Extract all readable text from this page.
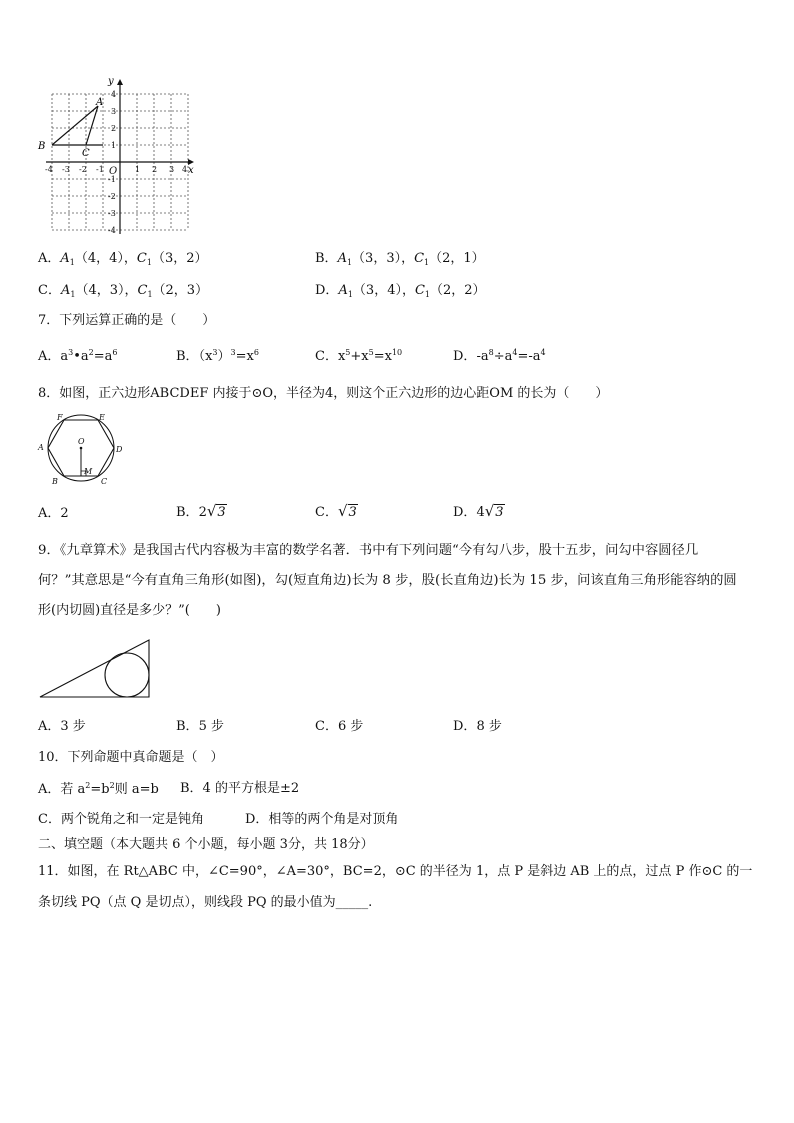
A
B
C
x
y
-4 -3 -2 -1 O 1 2 3 4
4
3
2
1
-1
-2
-3
-4
A．$A_1(4$，4），$C_1(3$，2）	B．$A_1(3$，3），$C_1(2$，1）
C．$A_1(4$，3），$C_1(2$，3）	D．$A_1(3$，4），$C_1(2$，2）
7．下列运算正确的是（　　）
A．$a^3•a^2=a^6$	B．$(x^3)^3=x^6$	C．$x^5+x^5=x^{10}$	D．$-a^8\div a^4=-a^4$
8．如图，正六边形ABCDEF 内接于⊙O，半径为4，则这个正六边形的边心距OM 的长为（　　）
F	E
A	D
B	C
O
M
A．2	B．2√3	C．√3	D．4√3
9．《九章算术》是我国古代内容极为丰富的数学名著．书中有下列问题“今有勾八步，股十五步，问勾中容圆径几
何？”其意思是“今有直角三角形(如图)，勾(短直角边)长为 8 步，股(长直角边)长为 15 步，问该直角三角形能容纳的圆
形(内切圆)直径是多少？”(　　)
A．3 步	B．5 步	C．6 步	D．8 步
10．下列命题中真命题是（　）
A．若 $a^2=b^2$则 a=b B．4 的平方根是±2
C．两个锐角之和一定是钝角	D．相等的两个角是对顶角
二、填空题（本大题共 6 个小题，每小题 3分，共 18分）
11．如图，在 Rt△ABC 中，∠C=90°，∠A=30°，BC=2，⊙C 的半径为 1，点 P 是斜边 AB 上的点，过点 P 作⊙C 的一
条切线 PQ（点 Q 是切点），则线段 PQ 的最小值为_____.
